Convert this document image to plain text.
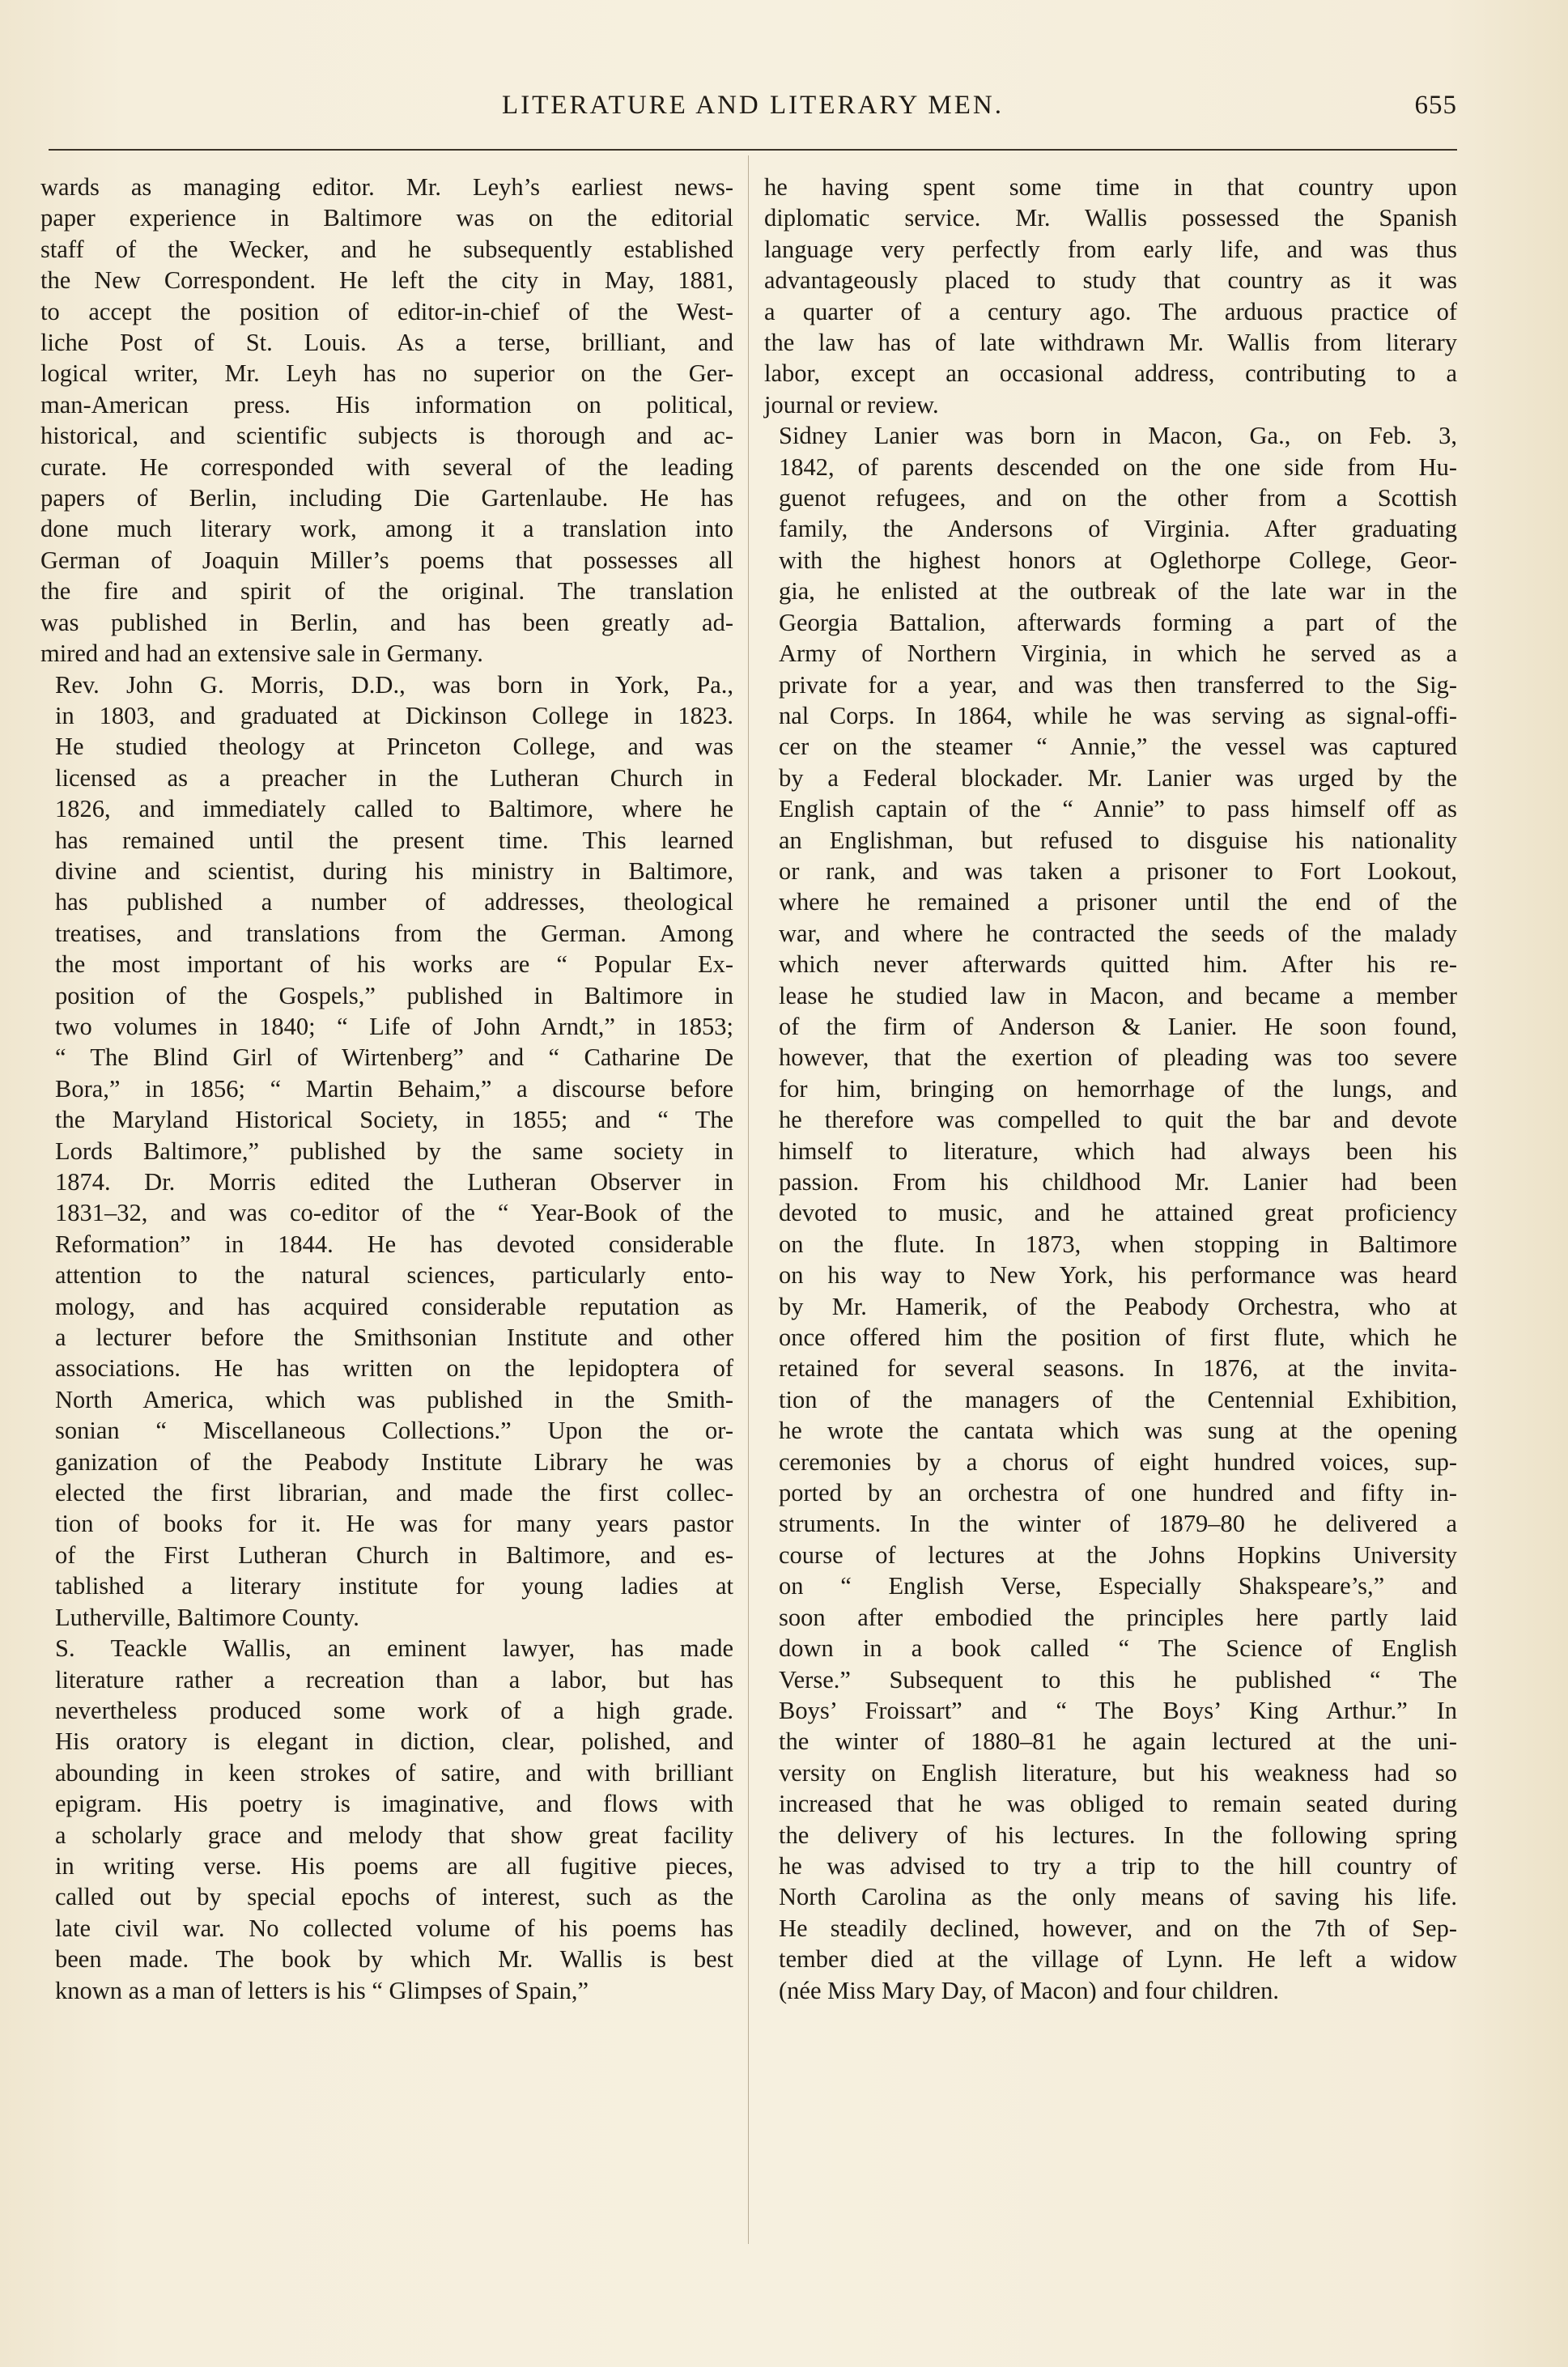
LITERATURE AND LITERARY MEN.	655

wards as managing editor. Mr. Leyh’s earliest news-
paper experience in Baltimore was on the editorial
staff of the Wecker, and he subsequently established
the New Correspondent. He left the city in May, 1881,
to accept the position of editor-in-chief of the West-
liche Post of St. Louis. As a terse, brilliant, and
logical writer, Mr. Leyh has no superior on the Ger-
man-American press. His information on political,
historical, and scientific subjects is thorough and ac-
curate. He corresponded with several of the leading
papers of Berlin, including Die Gartenlaube. He has
done much literary work, among it a translation into
German of Joaquin Miller’s poems that possesses all
the fire and spirit of the original. The translation
was published in Berlin, and has been greatly ad-
mired and had an extensive sale in Germany.

Rev. John G. Morris, D.D., was born in York, Pa.,
in 1803, and graduated at Dickinson College in 1823.
He studied theology at Princeton College, and was
licensed as a preacher in the Lutheran Church in
1826, and immediately called to Baltimore, where he
has remained until the present time. This learned
divine and scientist, during his ministry in Baltimore,
has published a number of addresses, theological
treatises, and translations from the German. Among
the most important of his works are “ Popular Ex-
position of the Gospels,” published in Baltimore in
two volumes in 1840; “ Life of John Arndt,” in 1853;
“ The Blind Girl of Wirtenberg” and “ Catharine De
Bora,” in 1856; “ Martin Behaim,” a discourse before
the Maryland Historical Society, in 1855; and “ The
Lords Baltimore,” published by the same society in
1874. Dr. Morris edited the Lutheran Observer in
1831–32, and was co-editor of the “ Year-Book of the
Reformation” in 1844. He has devoted considerable
attention to the natural sciences, particularly ento-
mology, and has acquired considerable reputation as
a lecturer before the Smithsonian Institute and other
associations. He has written on the lepidoptera of
North America, which was published in the Smith-
sonian “ Miscellaneous Collections.” Upon the or-
ganization of the Peabody Institute Library he was
elected the first librarian, and made the first collec-
tion of books for it. He was for many years pastor
of the First Lutheran Church in Baltimore, and es-
tablished a literary institute for young ladies at
Lutherville, Baltimore County.

S. Teackle Wallis, an eminent lawyer, has made
literature rather a recreation than a labor, but has
nevertheless produced some work of a high grade.
His oratory is elegant in diction, clear, polished, and
abounding in keen strokes of satire, and with brilliant
epigram. His poetry is imaginative, and flows with
a scholarly grace and melody that show great facility
in writing verse. His poems are all fugitive pieces,
called out by special epochs of interest, such as the
late civil war. No collected volume of his poems has
been made. The book by which Mr. Wallis is best
known as a man of letters is his “ Glimpses of Spain,”

he having spent some time in that country upon
diplomatic service. Mr. Wallis possessed the Spanish
language very perfectly from early life, and was thus
advantageously placed to study that country as it was
a quarter of a century ago. The arduous practice of
the law has of late withdrawn Mr. Wallis from literary
labor, except an occasional address, contributing to a
journal or review.

Sidney Lanier was born in Macon, Ga., on Feb. 3,
1842, of parents descended on the one side from Hu-
guenot refugees, and on the other from a Scottish
family, the Andersons of Virginia. After graduating
with the highest honors at Oglethorpe College, Geor-
gia, he enlisted at the outbreak of the late war in the
Georgia Battalion, afterwards forming a part of the
Army of Northern Virginia, in which he served as a
private for a year, and was then transferred to the Sig-
nal Corps. In 1864, while he was serving as signal-offi-
cer on the steamer “ Annie,” the vessel was captured
by a Federal blockader. Mr. Lanier was urged by the
English captain of the “ Annie” to pass himself off as
an Englishman, but refused to disguise his nationality
or rank, and was taken a prisoner to Fort Lookout,
where he remained a prisoner until the end of the
war, and where he contracted the seeds of the malady
which never afterwards quitted him. After his re-
lease he studied law in Macon, and became a member
of the firm of Anderson & Lanier. He soon found,
however, that the exertion of pleading was too severe
for him, bringing on hemorrhage of the lungs, and
he therefore was compelled to quit the bar and devote
himself to literature, which had always been his
passion. From his childhood Mr. Lanier had been
devoted to music, and he attained great proficiency
on the flute. In 1873, when stopping in Baltimore
on his way to New York, his performance was heard
by Mr. Hamerik, of the Peabody Orchestra, who at
once offered him the position of first flute, which he
retained for several seasons. In 1876, at the invita-
tion of the managers of the Centennial Exhibition,
he wrote the cantata which was sung at the opening
ceremonies by a chorus of eight hundred voices, sup-
ported by an orchestra of one hundred and fifty in-
struments. In the winter of 1879–80 he delivered a
course of lectures at the Johns Hopkins University
on “ English Verse, Especially Shakspeare’s,” and
soon after embodied the principles here partly laid
down in a book called “ The Science of English
Verse.” Subsequent to this he published “ The
Boys’ Froissart” and “ The Boys’ King Arthur.” In
the winter of 1880–81 he again lectured at the uni-
versity on English literature, but his weakness had so
increased that he was obliged to remain seated during
the delivery of his lectures. In the following spring
he was advised to try a trip to the hill country of
North Carolina as the only means of saving his life.
He steadily declined, however, and on the 7th of Sep-
tember died at the village of Lynn. He left a widow
(née Miss Mary Day, of Macon) and four children.
